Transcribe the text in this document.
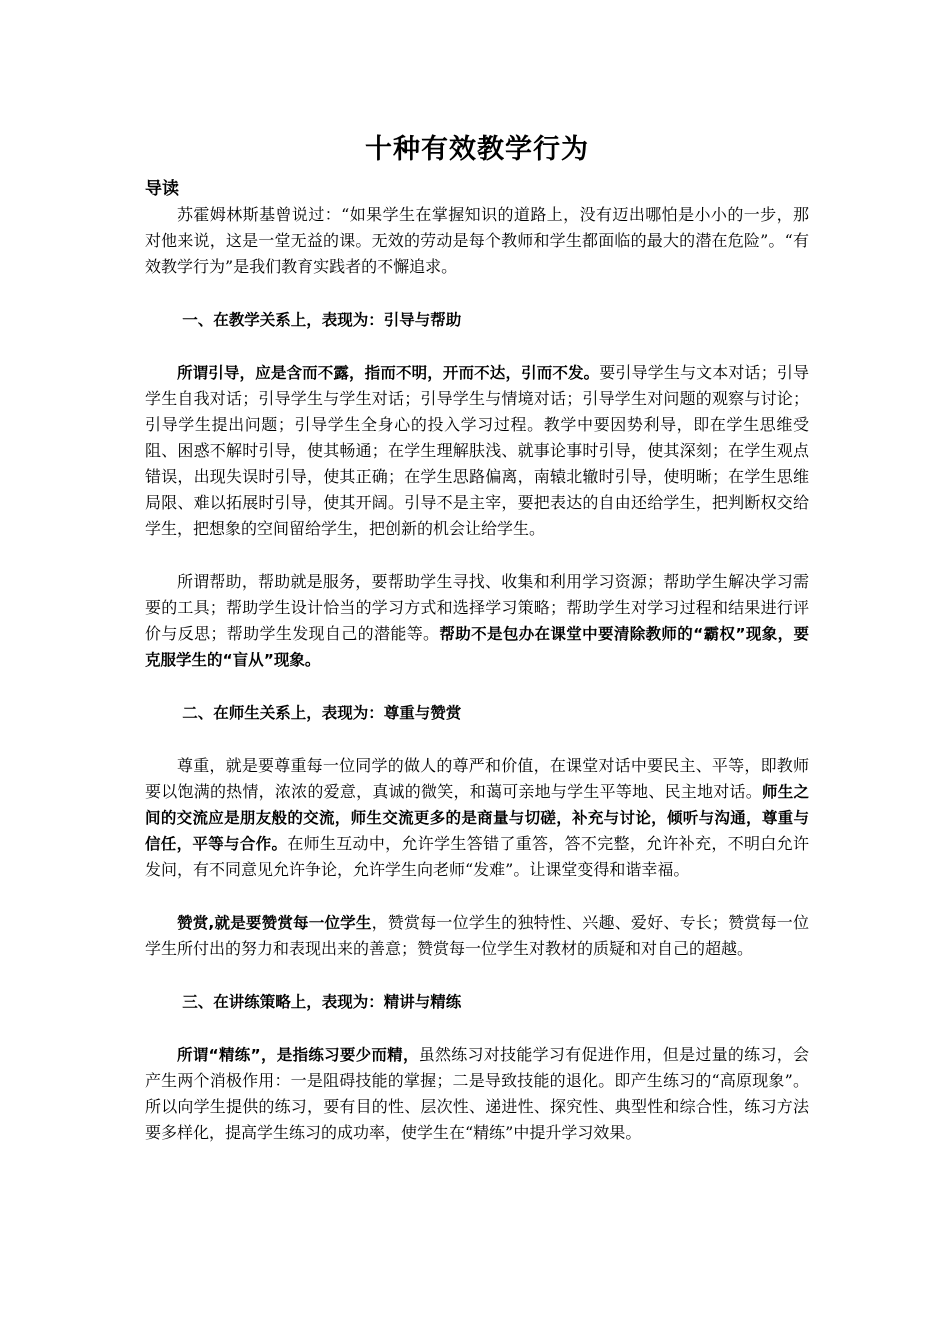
十种有效教学行为
导读

苏霍姆林斯基曾说过：“如果学生在掌握知识的道路上，没有迈出哪怕是小小的一步，那对他来说，这是一堂无益的课。无效的劳动是每个教师和学生都面临的最大的潜在危险”。“有效教学行为”是我们教育实践者的不懈追求。

一、在教学关系上，表现为：引导与帮助

所谓引导，应是含而不露，指而不明，开而不达，引而不发。要引导学生与文本对话；引导学生自我对话；引导学生与学生对话；引导学生与情境对话；引导学生对问题的观察与讨论；引导学生提出问题；引导学生全身心的投入学习过程。教学中要因势利导，即在学生思维受阻、困惑不解时引导，使其畅通；在学生理解肤浅、就事论事时引导，使其深刻；在学生观点错误，出现失误时引导，使其正确；在学生思路偏离，南辕北辙时引导，使明晰；在学生思维局限、难以拓展时引导，使其开阔。引导不是主宰，要把表达的自由还给学生，把判断权交给学生，把想象的空间留给学生，把创新的机会让给学生。

所谓帮助，帮助就是服务，要帮助学生寻找、收集和利用学习资源；帮助学生解决学习需要的工具；帮助学生设计恰当的学习方式和选择学习策略；帮助学生对学习过程和结果进行评价与反思；帮助学生发现自己的潜能等。帮助不是包办在课堂中要清除教师的“霸权”现象，要克服学生的“盲从”现象。

二、在师生关系上，表现为：尊重与赞赏

尊重，就是要尊重每一位同学的做人的尊严和价值，在课堂对话中要民主、平等，即教师要以饱满的热情，浓浓的爱意，真诚的微笑，和蔼可亲地与学生平等地、民主地对话。师生之间的交流应是朋友般的交流，师生交流更多的是商量与切磋，补充与讨论，倾听与沟通，尊重与信任，平等与合作。在师生互动中，允许学生答错了重答，答不完整，允许补充，不明白允许发问，有不同意见允许争论，允许学生向老师“发难”。让课堂变得和谐幸福。

赞赏,就是要赞赏每一位学生，赞赏每一位学生的独特性、兴趣、爱好、专长；赞赏每一位学生所付出的努力和表现出来的善意；赞赏每一位学生对教材的质疑和对自己的超越。

三、在讲练策略上，表现为：精讲与精练

所谓“精练”，是指练习要少而精，虽然练习对技能学习有促进作用，但是过量的练习，会产生两个消极作用：一是阻碍技能的掌握；二是导致技能的退化。即产生练习的“高原现象”。所以向学生提供的练习，要有目的性、层次性、递进性、探究性、典型性和综合性，练习方法要多样化，提高学生练习的成功率，使学生在“精练”中提升学习效果。
